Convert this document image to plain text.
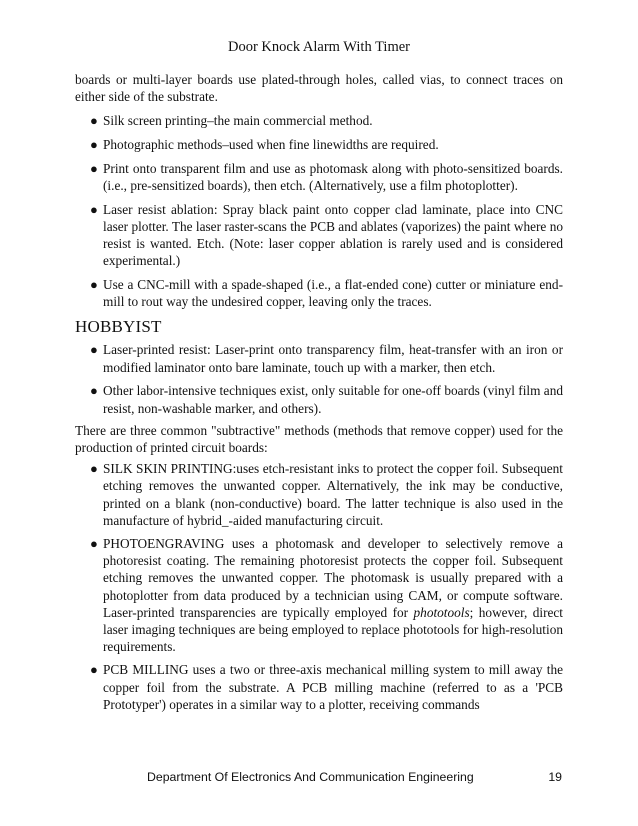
Door Knock Alarm With Timer

boards or multi-layer boards use plated-through holes, called vias, to connect traces on either side of the substrate.

● Silk screen printing–the main commercial method.
● Photographic methods–used when fine linewidths are required.
● Print onto transparent film and use as photomask along with photo-sensitized boards. (i.e., pre-sensitized boards), then etch. (Alternatively, use a film photoplotter).
● Laser resist ablation: Spray black paint onto copper clad laminate, place into CNC laser plotter. The laser raster-scans the PCB and ablates (vaporizes) the paint where no resist is wanted. Etch. (Note: laser copper ablation is rarely used and is considered experimental.)
● Use a CNC-mill with a spade-shaped (i.e., a flat-ended cone) cutter or miniature end-mill to rout way the undesired copper, leaving only the traces.
HOBBYIST
● Laser-printed resist: Laser-print onto transparency film, heat-transfer with an iron or modified laminator onto bare laminate, touch up with a marker, then etch.
● Other labor-intensive techniques exist, only suitable for one-off boards (vinyl film and resist, non-washable marker, and others).

There are three common "subtractive" methods (methods that remove copper) used for the production of printed circuit boards:

● SILK SKIN PRINTING:uses etch-resistant inks to protect the copper foil. Subsequent etching removes the unwanted copper. Alternatively, the ink may be conductive, printed on a blank (non-conductive) board. The latter technique is also used in the manufacture of hybrid_-aided manufacturing circuit.
● PHOTOENGRAVING uses a photomask and developer to selectively remove a photoresist coating. The remaining photoresist protects the copper foil. Subsequent etching removes the unwanted copper. The photomask is usually prepared with a photoplotter from data produced by a technician using CAM, or compute software. Laser-printed transparencies are typically employed for phototools; however, direct laser imaging techniques are being employed to replace phototools for high-resolution requirements.
● PCB MILLING uses a two or three-axis mechanical milling system to mill away the copper foil from the substrate. A PCB milling machine (referred to as a 'PCB Prototyper') operates in a similar way to a plotter, receiving commands
Department Of Electronics And Communication Engineering	19
